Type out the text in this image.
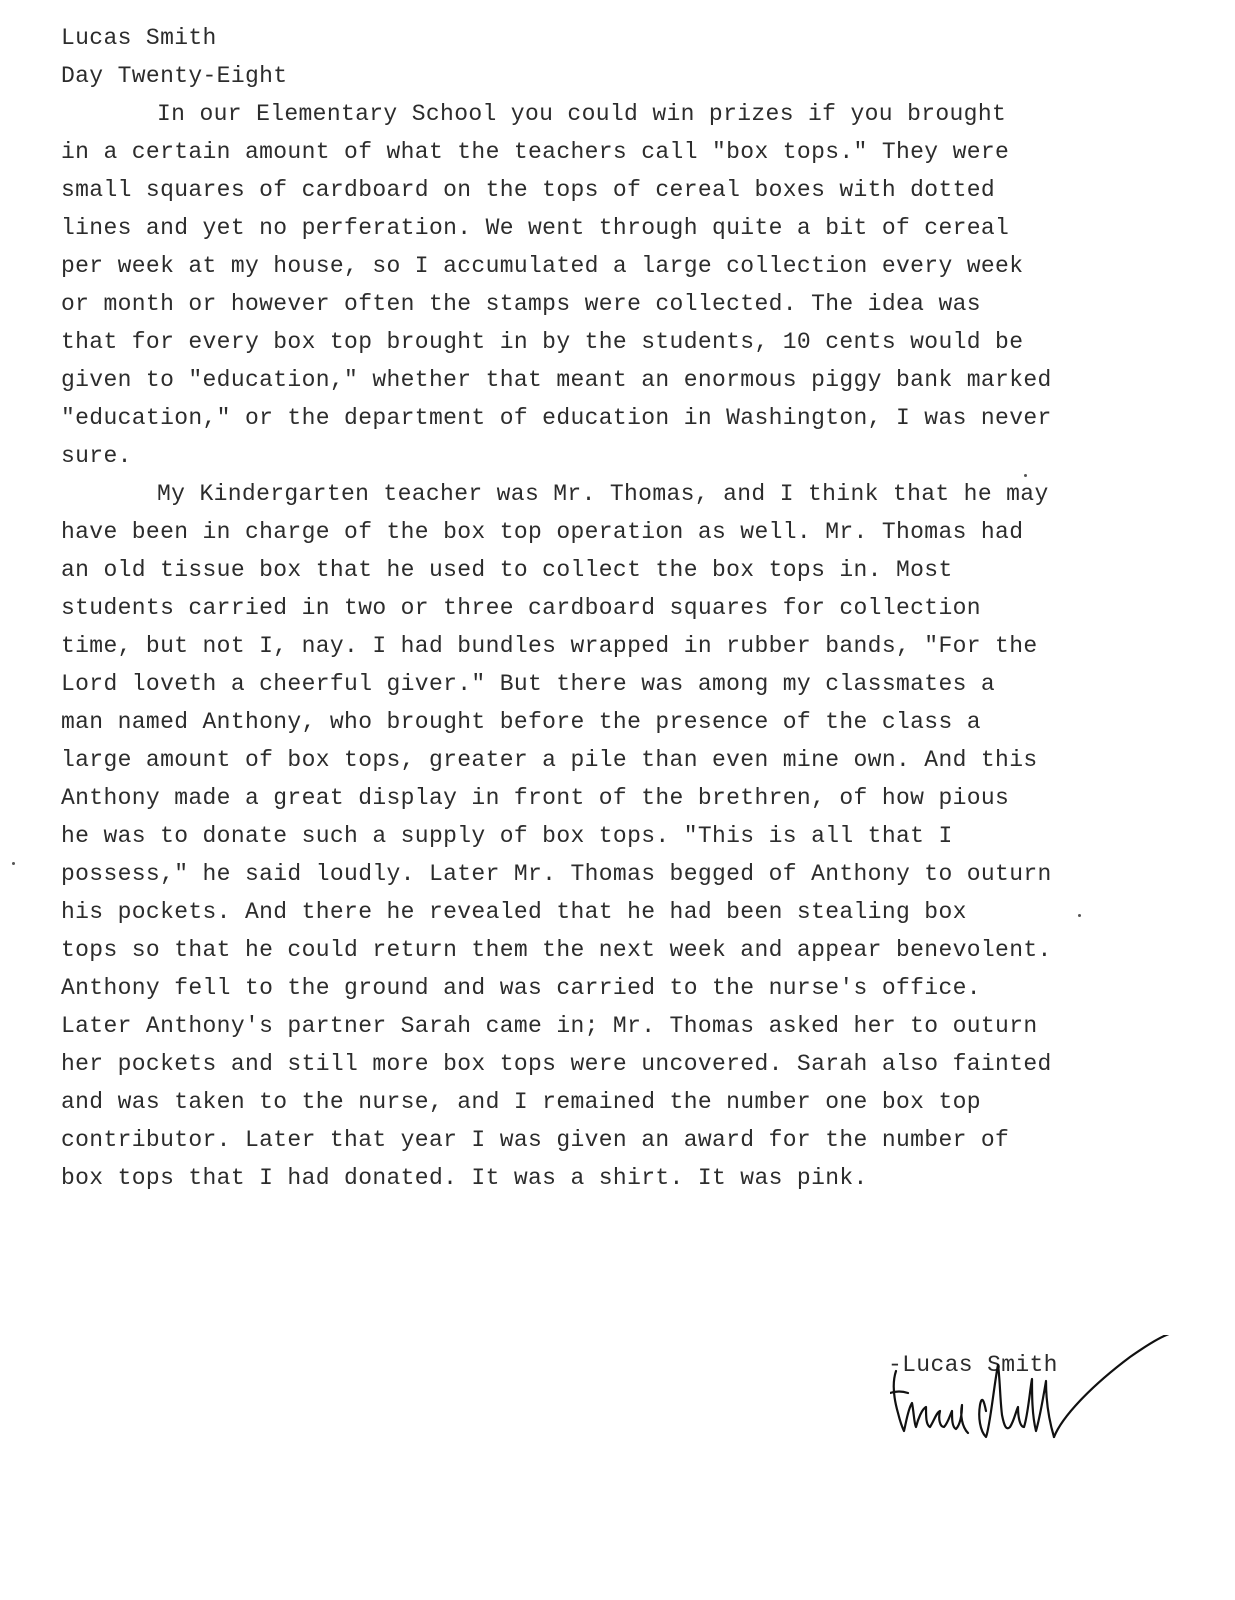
Lucas Smith
Day Twenty-Eight
In our Elementary School you could win prizes if you brought
in a certain amount of what the teachers call "box tops." They were
small squares of cardboard on the tops of cereal boxes with dotted
lines and yet no perferation. We went through quite a bit of cereal
per week at my house, so I accumulated a large collection every week
or month or however often the stamps were collected. The idea was
that for every box top brought in by the students, 10 cents would be
given to "education," whether that meant an enormous piggy bank marked
"education," or the department of education in Washington, I was never
sure.
My Kindergarten teacher was Mr. Thomas, and I think that he may
have been in charge of the box top operation as well. Mr. Thomas had
an old tissue box that he used to collect the box tops in. Most
students carried in two or three cardboard squares for collection
time, but not I, nay. I had bundles wrapped in rubber bands, "For the
Lord loveth a cheerful giver." But there was among my classmates a
man named Anthony, who brought before the presence of the class a
large amount of box tops, greater a pile than even mine own. And this
Anthony made a great display in front of the brethren, of how pious
he was to donate such a supply of box tops. "This is all that I
possess," he said loudly. Later Mr. Thomas begged of Anthony to outurn
his pockets. And there he revealed that he had been stealing box
tops so that he could return them the next week and appear benevolent.
Anthony fell to the ground and was carried to the nurse's office.
Later Anthony's partner Sarah came in; Mr. Thomas asked her to outurn
her pockets and still more box tops were uncovered. Sarah also fainted
and was taken to the nurse, and I remained the number one box top
contributor. Later that year I was given an award for the number of
box tops that I had donated. It was a shirt. It was pink.
-Lucas Smith
